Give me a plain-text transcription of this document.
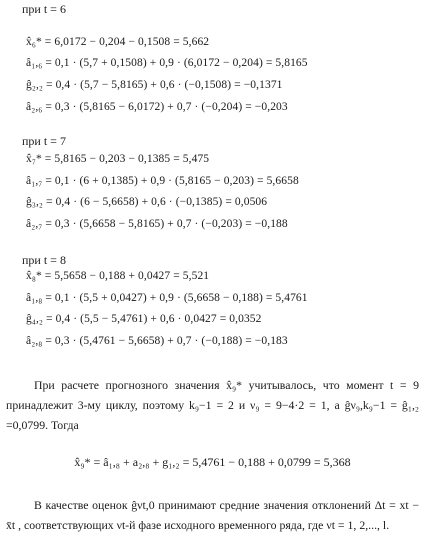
при t = 6
x̂₆* = 6,0172 − 0,204 − 0,1508 = 5,662
â₁,₆ = 0,1 · (5,7 + 0,1508) + 0,9 · (6,0172 − 0,204) = 5,8165
ĝ₂,₂ = 0,4 · (5,7 − 5,8165) + 0,6 · (−0,1508) = −0,1371
â₂,₆ = 0,3 · (5,8165 − 6,0172) + 0,7 · (−0,204) = −0,203
при t = 7
x̂₇* = 5,8165 − 0,203 − 0,1385 = 5,475
â₁,₇ = 0,1 · (6 + 0,1385) + 0,9 · (5,8165 − 0,203) = 5,6658
ĝ₃,₂ = 0,4 · (6 − 5,6658) + 0,6 · (−0,1385) = 0,0506
â₂,₇ = 0,3 · (5,6658 − 5,8165) + 0,7 · (−0,203) = −0,188
при t = 8
x̂₈* = 5,5658 − 0,188 + 0,0427 = 5,521
â₁,₈ = 0,1 · (5,5 + 0,0427) + 0,9 · (5,6658 − 0,188) = 5,4761
ĝ₄,₂ = 0,4 · (5,5 − 5,4761) + 0,6 · 0,0427 = 0,0352
â₂,₈ = 0,3 · (5,4761 − 5,6658) + 0,7 · (−0,188) = −0,183

При расчете прогнозного значения x̂₉* учитывалось, что момент t = 9 принадлежит 3-му циклу, поэтому k₉−1 = 2 и ν₉ = 9−4·2 = 1, а ĝν₉,k₉−1 = ĝ₁,₂ =0,0799. Тогда

x̂₉* = â₁,₈ + a₂,₈ + g₁,₂ = 5,4761 − 0,188 + 0,0799 = 5,368

В качестве оценок ĝνt,0 принимают средние значения отклонений Δt = xt − x̄t , соответствующих νt-й фазе исходного временного ряда, где νt = 1, 2,..., l.
